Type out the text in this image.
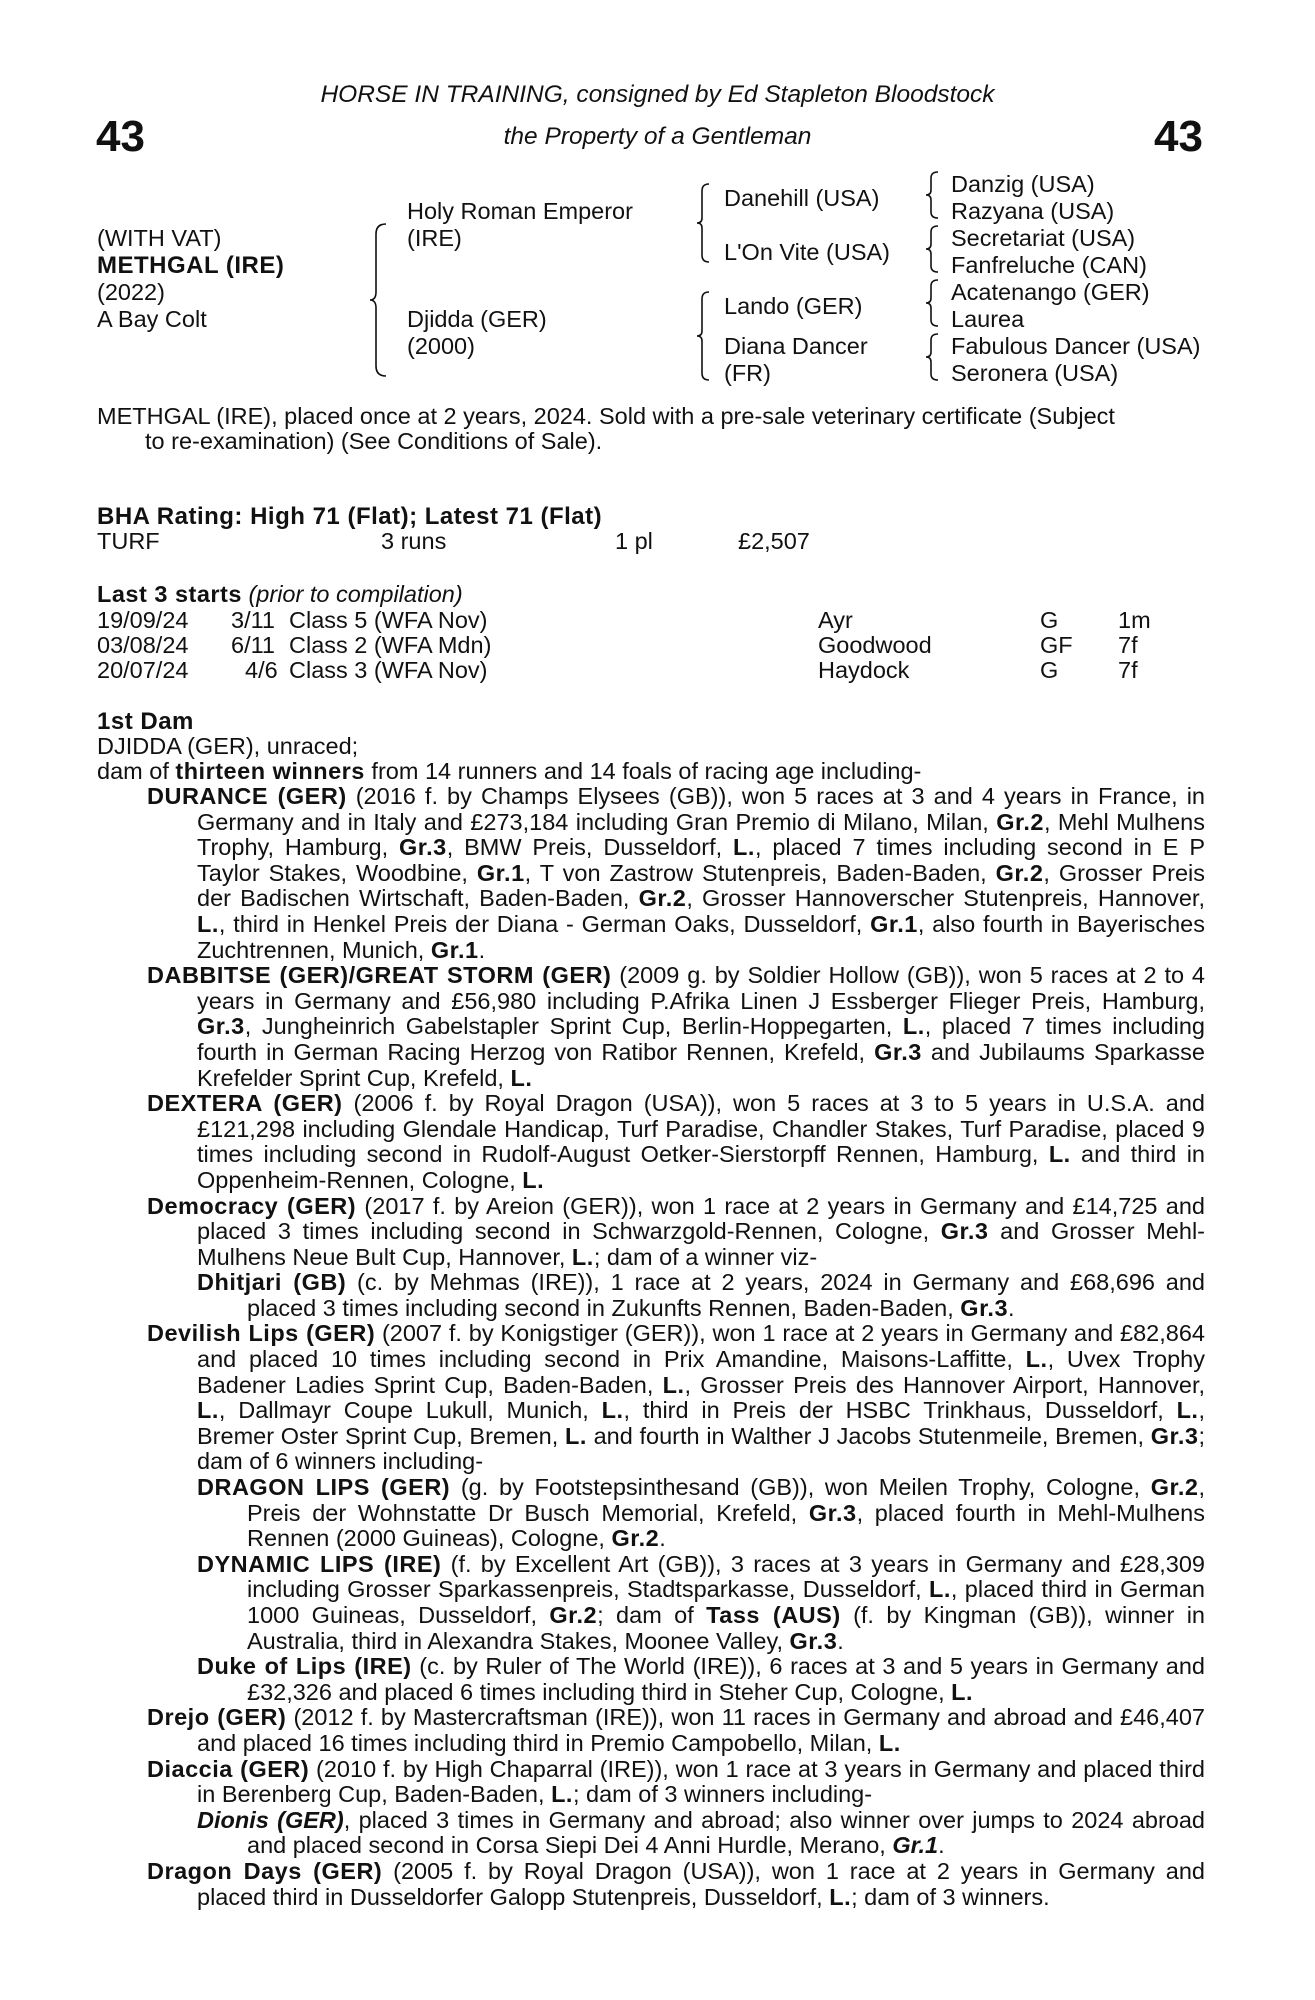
43	43
HORSE IN TRAINING, consigned by Ed Stapleton Bloodstock
the Property of a Gentleman
(WITH VAT)
METHGAL (IRE)
(2022)
A Bay Colt
Holy Roman Emperor
(IRE)
Djidda (GER)
(2000)
Danehill (USA)
L'On Vite (USA)
Lando (GER)
Diana Dancer
(FR)
Danzig (USA)
Razyana (USA)
Secretariat (USA)
Fanfreluche (CAN)
Acatenango (GER)
Laurea
Fabulous Dancer (USA)
Seronera (USA)
METHGAL (IRE), placed once at 2 years, 2024. Sold with a pre-sale veterinary certificate (Subject
to re-examination) (See Conditions of Sale).
BHA Rating: High 71 (Flat); Latest 71 (Flat)
TURF	3 runs	1 pl	£2,507
Last 3 starts (prior to compilation)
19/09/24 3/11 Class 5 (WFA Nov)	Ayr	G	1m
03/08/24 6/11 Class 2 (WFA Mdn)	Goodwood	GF 7f
20/07/24 4/6 Class 3 (WFA Nov)	Haydock	G	7f
1st Dam
DJIDDA (GER), unraced;
dam of thirteen winners from 14 runners and 14 foals of racing age including-
DURANCE (GER) (2016 f. by Champs Elysees (GB)), won 5 races at 3 and 4 years in France, in Germany and in Italy and £273,184 including Gran Premio di Milano, Milan, Gr.2, Mehl Mulhens Trophy, Hamburg, Gr.3, BMW Preis, Dusseldorf, L., placed 7 times including second in E P Taylor Stakes, Woodbine, Gr.1, T von Zastrow Stutenpreis, Baden-Baden, Gr.2, Grosser Preis der Badischen Wirtschaft, Baden-Baden, Gr.2, Grosser Hannoverscher Stutenpreis, Hannover, L., third in Henkel Preis der Diana - German Oaks, Dusseldorf, Gr.1, also fourth in Bayerisches Zuchtrennen, Munich, Gr.1.
DABBITSE (GER)/GREAT STORM (GER) (2009 g. by Soldier Hollow (GB)), won 5 races at 2 to 4 years in Germany and £56,980 including P.Afrika Linen J Essberger Flieger Preis, Hamburg, Gr.3, Jungheinrich Gabelstapler Sprint Cup, Berlin-Hoppegarten, L., placed 7 times including fourth in German Racing Herzog von Ratibor Rennen, Krefeld, Gr.3 and Jubilaums Sparkasse Krefelder Sprint Cup, Krefeld, L.
DEXTERA (GER) (2006 f. by Royal Dragon (USA)), won 5 races at 3 to 5 years in U.S.A. and £121,298 including Glendale Handicap, Turf Paradise, Chandler Stakes, Turf Paradise, placed 9 times including second in Rudolf-August Oetker-Sierstorpff Rennen, Hamburg, L. and third in Oppenheim-Rennen, Cologne, L.
Democracy (GER) (2017 f. by Areion (GER)), won 1 race at 2 years in Germany and £14,725 and placed 3 times including second in Schwarzgold-Rennen, Cologne, Gr.3 and Grosser Mehl-Mulhens Neue Bult Cup, Hannover, L.; dam of a winner viz-
Dhitjari (GB) (c. by Mehmas (IRE)), 1 race at 2 years, 2024 in Germany and £68,696 and placed 3 times including second in Zukunfts Rennen, Baden-Baden, Gr.3.
Devilish Lips (GER) (2007 f. by Konigstiger (GER)), won 1 race at 2 years in Germany and £82,864 and placed 10 times including second in Prix Amandine, Maisons-Laffitte, L., Uvex Trophy Badener Ladies Sprint Cup, Baden-Baden, L., Grosser Preis des Hannover Airport, Hannover, L., Dallmayr Coupe Lukull, Munich, L., third in Preis der HSBC Trinkhaus, Dusseldorf, L., Bremer Oster Sprint Cup, Bremen, L. and fourth in Walther J Jacobs Stutenmeile, Bremen, Gr.3; dam of 6 winners including-
DRAGON LIPS (GER) (g. by Footstepsinthesand (GB)), won Meilen Trophy, Cologne, Gr.2, Preis der Wohnstatte Dr Busch Memorial, Krefeld, Gr.3, placed fourth in Mehl-Mulhens Rennen (2000 Guineas), Cologne, Gr.2.
DYNAMIC LIPS (IRE) (f. by Excellent Art (GB)), 3 races at 3 years in Germany and £28,309 including Grosser Sparkassenpreis, Stadtsparkasse, Dusseldorf, L., placed third in German 1000 Guineas, Dusseldorf, Gr.2; dam of Tass (AUS) (f. by Kingman (GB)), winner in Australia, third in Alexandra Stakes, Moonee Valley, Gr.3.
Duke of Lips (IRE) (c. by Ruler of The World (IRE)), 6 races at 3 and 5 years in Germany and £32,326 and placed 6 times including third in Steher Cup, Cologne, L.
Drejo (GER) (2012 f. by Mastercraftsman (IRE)), won 11 races in Germany and abroad and £46,407 and placed 16 times including third in Premio Campobello, Milan, L.
Diaccia (GER) (2010 f. by High Chaparral (IRE)), won 1 race at 3 years in Germany and placed third in Berenberg Cup, Baden-Baden, L.; dam of 3 winners including-
Dionis (GER), placed 3 times in Germany and abroad; also winner over jumps to 2024 abroad and placed second in Corsa Siepi Dei 4 Anni Hurdle, Merano, Gr.1.
Dragon Days (GER) (2005 f. by Royal Dragon (USA)), won 1 race at 2 years in Germany and placed third in Dusseldorfer Galopp Stutenpreis, Dusseldorf, L.; dam of 3 winners.
